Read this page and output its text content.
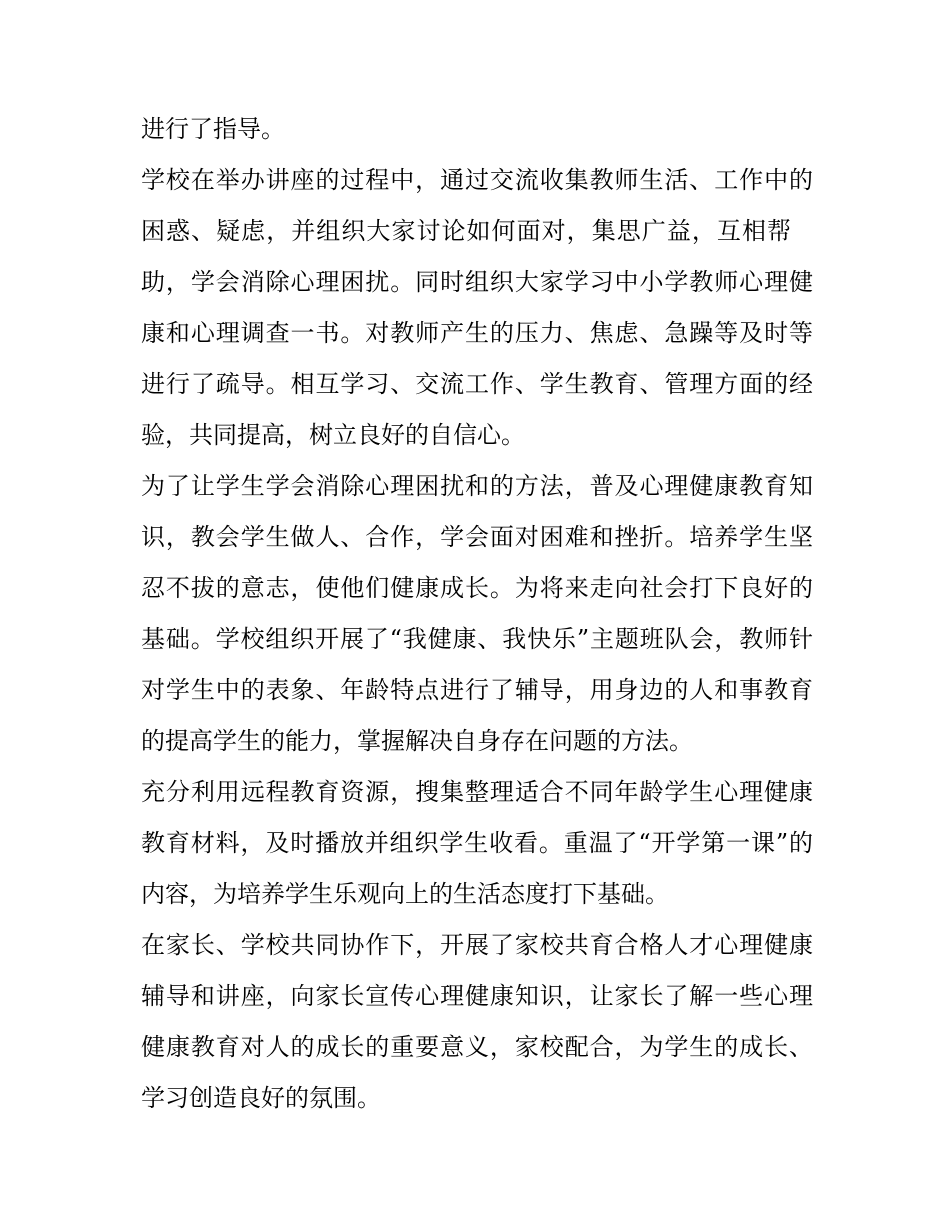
进行了指导。
学校在举办讲座的过程中，通过交流收集教师生活、工作中的
困惑、疑虑，并组织大家讨论如何面对，集思广益，互相帮
助，学会消除心理困扰。同时组织大家学习中小学教师心理健
康和心理调查一书。对教师产生的压力、焦虑、急躁等及时等
进行了疏导。相互学习、交流工作、学生教育、管理方面的经
验，共同提高，树立良好的自信心。
为了让学生学会消除心理困扰和的方法，普及心理健康教育知
识，教会学生做人、合作，学会面对困难和挫折。培养学生坚
忍不拔的意志，使他们健康成长。为将来走向社会打下良好的
基础。学校组织开展了“我健康、我快乐”主题班队会，教师针
对学生中的表象、年龄特点进行了辅导，用身边的人和事教育
的提高学生的能力，掌握解决自身存在问题的方法。
充分利用远程教育资源，搜集整理适合不同年龄学生心理健康
教育材料，及时播放并组织学生收看。重温了“开学第一课”的
内容，为培养学生乐观向上的生活态度打下基础。
在家长、学校共同协作下，开展了家校共育合格人才心理健康
辅导和讲座，向家长宣传心理健康知识，让家长了解一些心理
健康教育对人的成长的重要意义，家校配合，为学生的成长、
学习创造良好的氛围。
